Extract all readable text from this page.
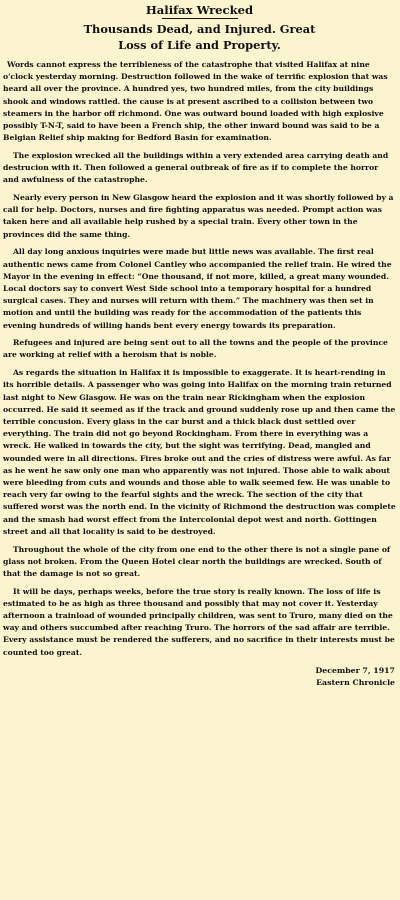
Halifax Wrecked
Thousands Dead, and Injured. Great
Loss of Life and Property.

Words cannot express the terribleness of the catastrophe that visited Halifax at nine o'clock yesterday morning. Destruction followed in the wake of terrific explosion that was heard all over the province. A hundred yes, two hundred miles, from the city buildings shook and windows rattled. the cause is at present ascribed to a collision between two steamers in the harbor off richmond. One was outward bound loaded with high explosive possibly T-N-T, said to have been a French ship, the other inward bound was said to be a Belgian Relief ship making for Bedford Basin for examination.

The explosion wrecked all the buildings within a very extended area carrying death and destrucion with it. Then followed a general outbreak of fire as if to complete the horror and awfulness of the catastrophe.

Nearly every person in New Glasgow heard the explosion and it was shortly followed by a call for help. Doctors, nurses and fire fighting apparatus was needed. Prompt action was taken here and all available help rushed by a special train. Every other town in the provinces did the same thing.

All day long anxious inquiries were made but little news was available. The first real authentic news came from Colonel Cantley who accompanied the relief train. He wired the Mayor in the evening in effect: “One thousand, if not more, killed, a great many wounded. Local doctors say to convert West Side school into a temporary hospital for a hundred surgical cases. They and nurses will return with them.” The machinery was then set in motion and until the building was ready for the accommodation of the patients this evening hundreds of willing hands bent every energy towards its preparation.

Refugees and injured are being sent out to all the towns and the people of the province are working at relief with a heroism that is noble.

As regards the situation in Halifax it is impossible to exaggerate. It is heart-rending in its horrible details. A passenger who was going into Halifax on the morning train returned last night to New Glasgow. He was on the train near Rickingham when the explosion occurred. He said it seemed as if the track and ground suddenly rose up and then came the terrible concusion. Every glass in the car burst and a thick black dust settled over everything. The train did not go beyond Rockingham. From there in everything was a wreck. He walked in towards the city, but the sight was terrifying. Dead, mangled and wounded were in all directions. Fires broke out and the cries of distress were awful. As far as he went he saw only one man who apparently was not injured. Those able to walk about were bleeding from cuts and wounds and those able to walk seemed few. He was unable to reach very far owing to the fearful sights and the wreck. The section of the city that suffered worst was the north end. In the vicinity of Richmond the destruction was complete and the smash had worst effect from the Intercolonial depot west and north. Gottingen street and all that locality is said to be destroyed.

Throughout the whole of the city from one end to the other there is not a single pane of glass not broken. From the Queen Hotel clear north the buildings are wrecked. South of that the damage is not so great.

It will be days, perhaps weeks, before the true story is really known. The loss of life is estimated to be as high as three thousand and possibly that may not cover it. Yesterday afternoon a trainload of wounded principally children, was sent to Truro, many died on the way and others succumbed after reaching Truro. The horrors of the sad affair are terrible. Every assistance must be rendered the sufferers, and no sacrifice in their interests must be counted too great.

December 7, 1917
Eastern Chronicle
